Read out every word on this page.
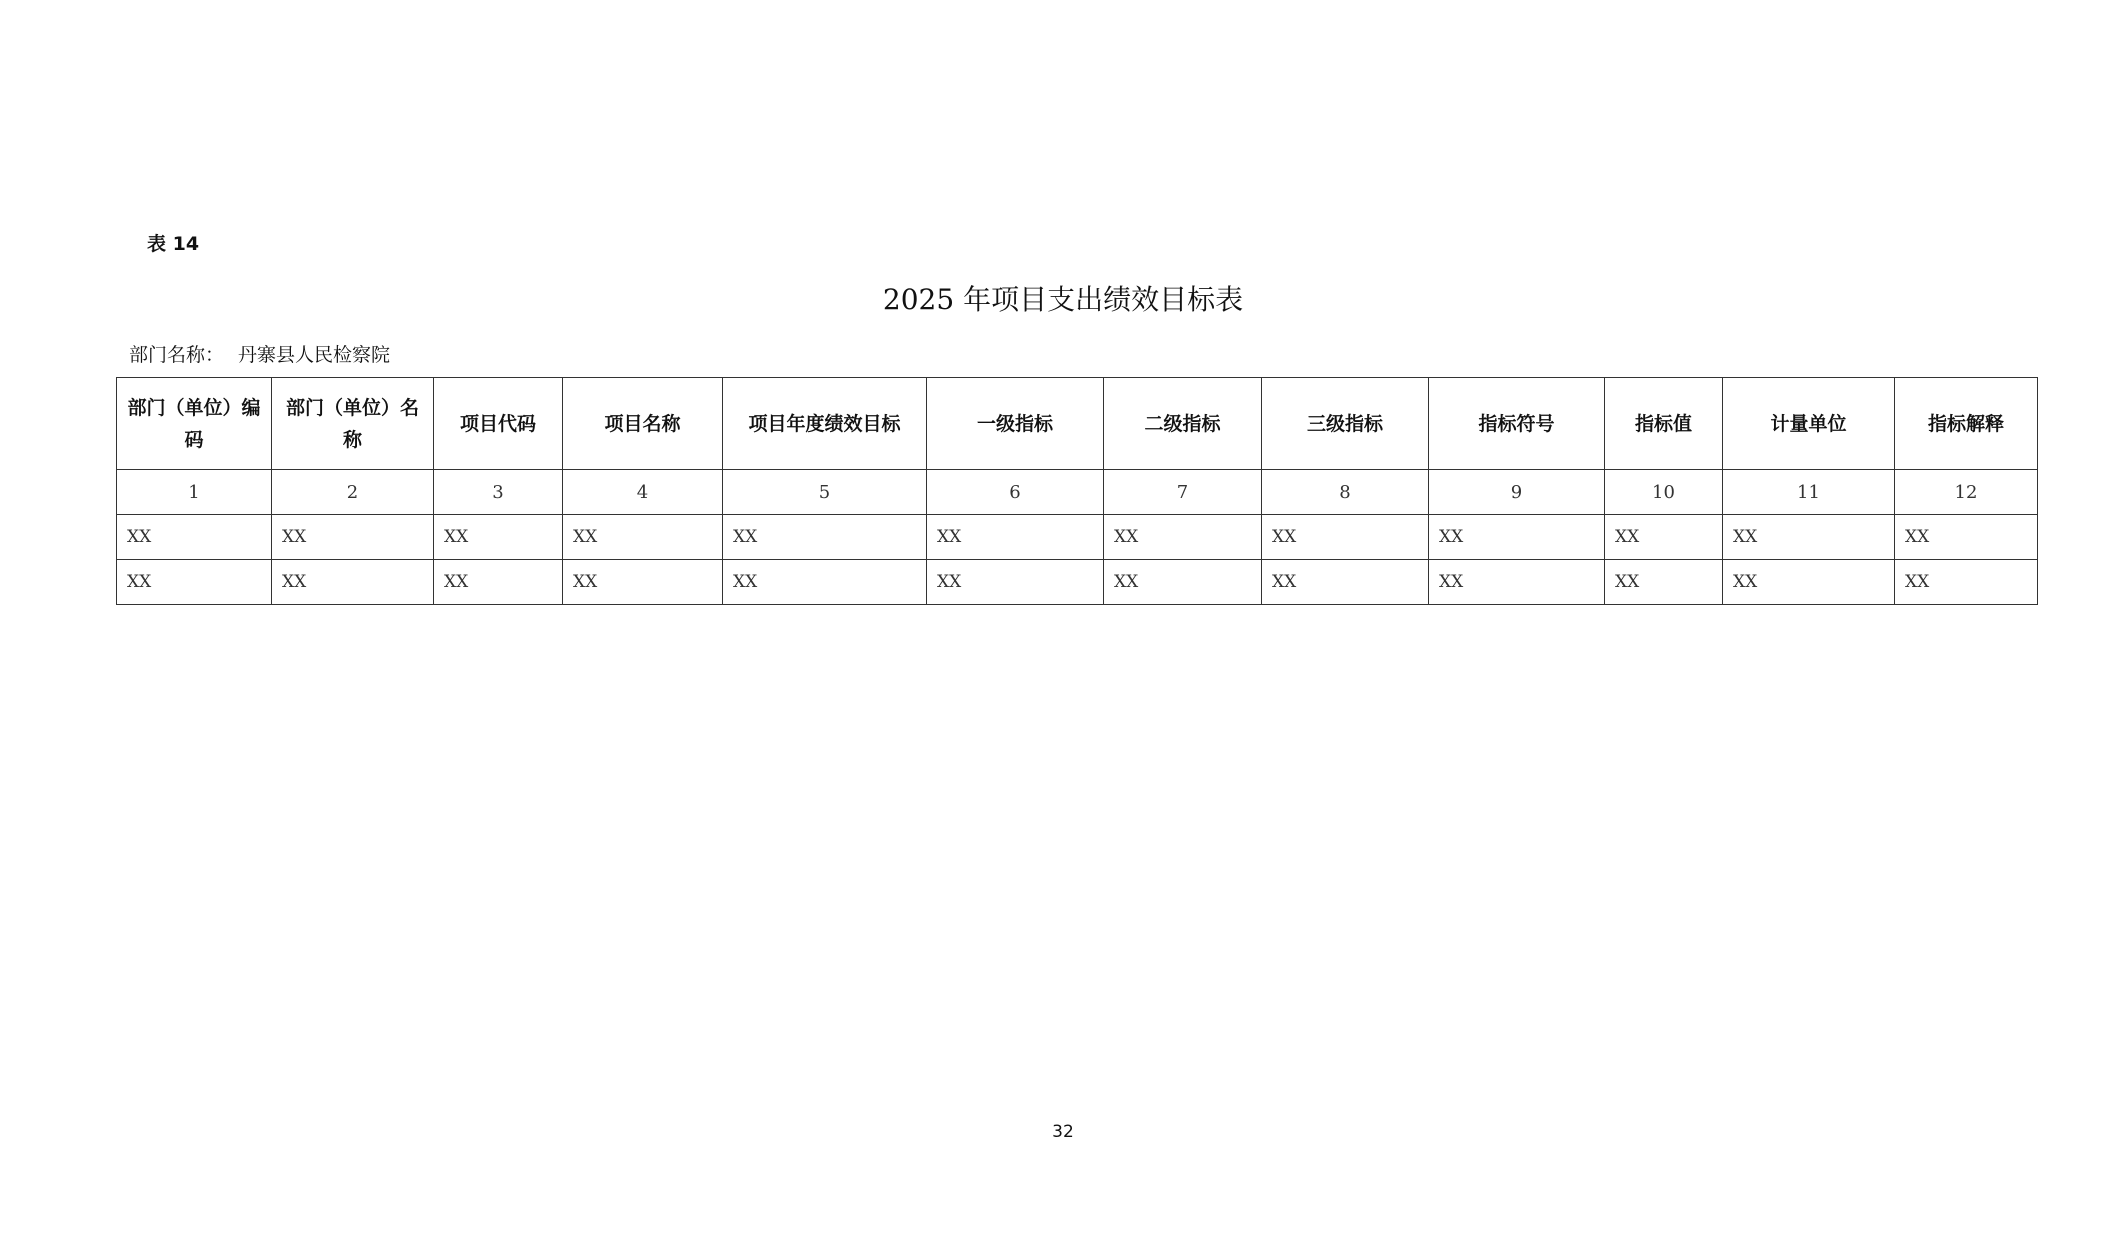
表 14
2025 年项目支出绩效目标表
部门名称： 丹寨县人民检察院
部门（单位）编码	部门（单位）名称	项目代码	项目名称	项目年度绩效目标	一级指标	二级指标	三级指标	指标符号	指标值	计量单位	指标解释
1	2	3	4	5	6	7	8	9	10	11	12
XX	XX	XX	XX	XX	XX	XX	XX	XX	XX	XX	XX
XX	XX	XX	XX	XX	XX	XX	XX	XX	XX	XX	XX
32
